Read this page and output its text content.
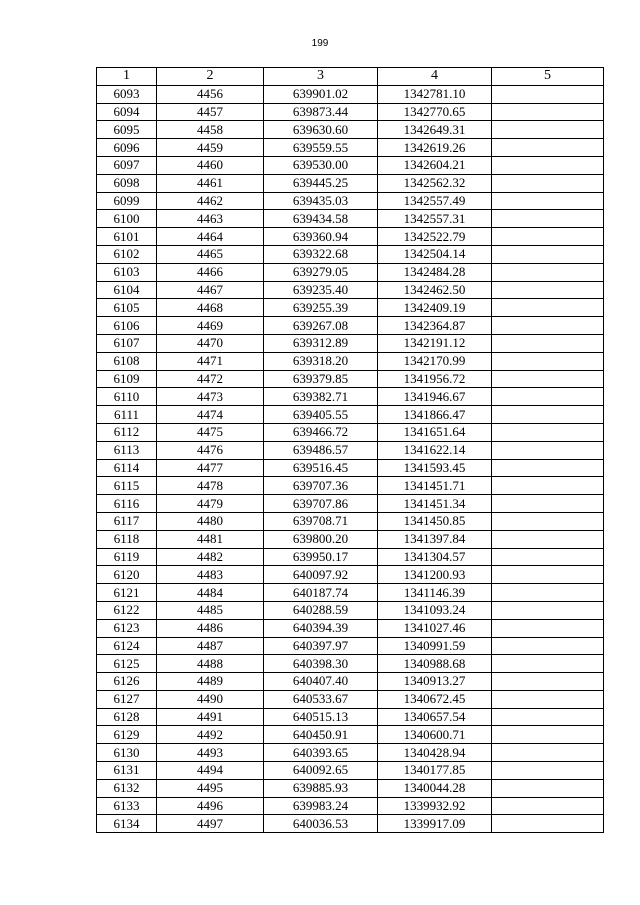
199
1	2	3	4	5
6093	4456	639901.02	1342781.10	
6094	4457	639873.44	1342770.65	
6095	4458	639630.60	1342649.31	
6096	4459	639559.55	1342619.26	
6097	4460	639530.00	1342604.21	
6098	4461	639445.25	1342562.32	
6099	4462	639435.03	1342557.49	
6100	4463	639434.58	1342557.31	
6101	4464	639360.94	1342522.79	
6102	4465	639322.68	1342504.14	
6103	4466	639279.05	1342484.28	
6104	4467	639235.40	1342462.50	
6105	4468	639255.39	1342409.19	
6106	4469	639267.08	1342364.87	
6107	4470	639312.89	1342191.12	
6108	4471	639318.20	1342170.99	
6109	4472	639379.85	1341956.72	
6110	4473	639382.71	1341946.67	
6111	4474	639405.55	1341866.47	
6112	4475	639466.72	1341651.64	
6113	4476	639486.57	1341622.14	
6114	4477	639516.45	1341593.45	
6115	4478	639707.36	1341451.71	
6116	4479	639707.86	1341451.34	
6117	4480	639708.71	1341450.85	
6118	4481	639800.20	1341397.84	
6119	4482	639950.17	1341304.57	
6120	4483	640097.92	1341200.93	
6121	4484	640187.74	1341146.39	
6122	4485	640288.59	1341093.24	
6123	4486	640394.39	1341027.46	
6124	4487	640397.97	1340991.59	
6125	4488	640398.30	1340988.68	
6126	4489	640407.40	1340913.27	
6127	4490	640533.67	1340672.45	
6128	4491	640515.13	1340657.54	
6129	4492	640450.91	1340600.71	
6130	4493	640393.65	1340428.94	
6131	4494	640092.65	1340177.85	
6132	4495	639885.93	1340044.28	
6133	4496	639983.24	1339932.92	
6134	4497	640036.53	1339917.09	
